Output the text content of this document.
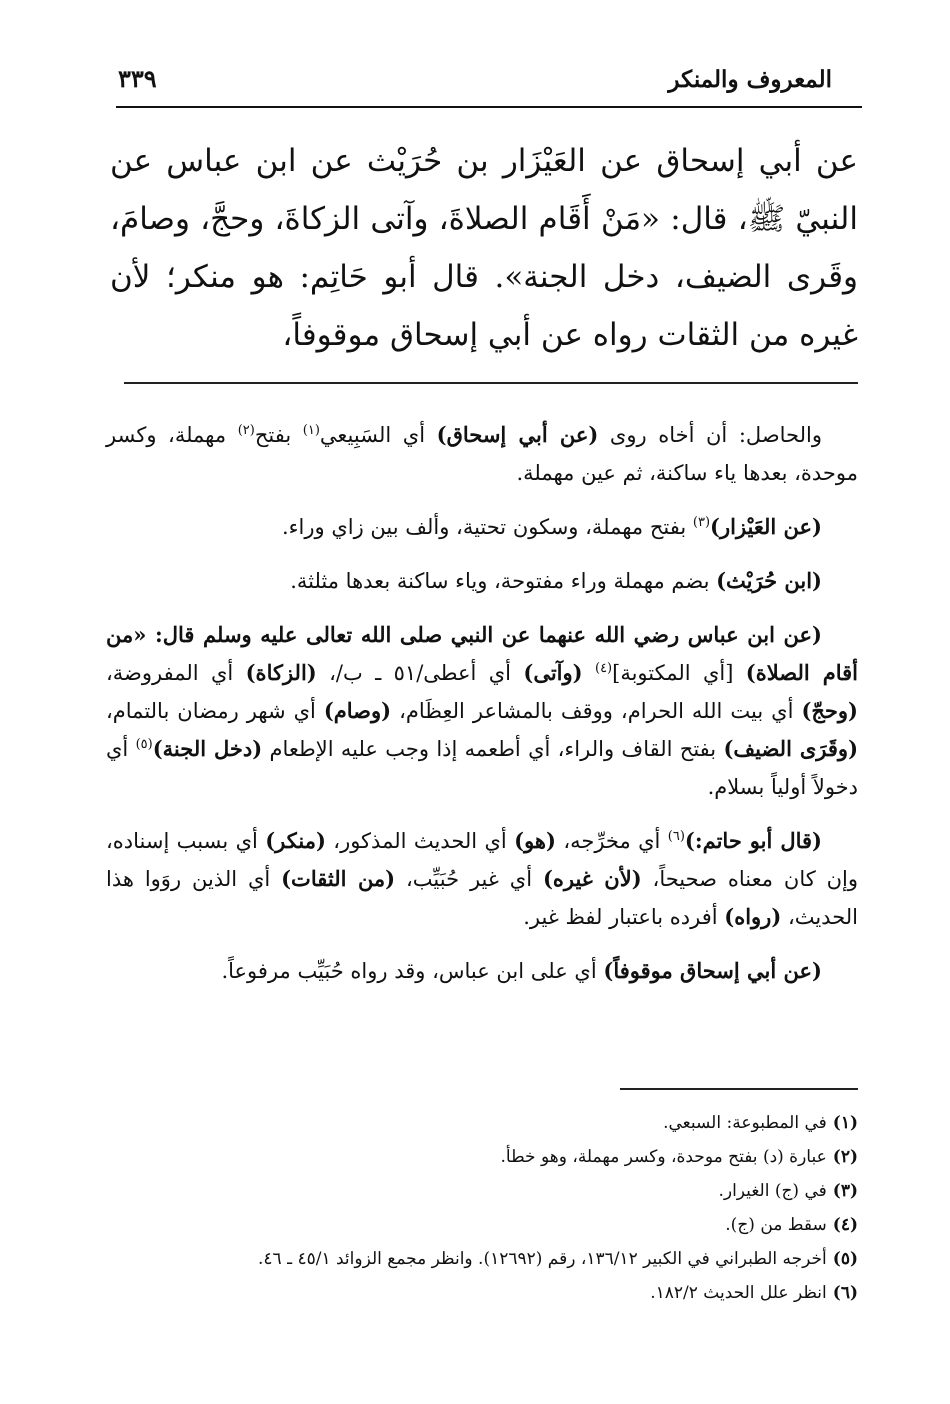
المعروف والمنكر
٣٣٩

عن أبي إسحاق عن العَيْزَار بن حُرَيْث عن ابن عباس عن النبيّ ﷺ، قال: «مَنْ أَقَام الصلاةَ، وآتى الزكاةَ، وحجَّ، وصامَ، وقَرى الضيف، دخل الجنة». قال أبو حَاتِم: هو منكر؛ لأن غيره من الثقات رواه عن أبي إسحاق موقوفاً،

والحاصل: أن أخاه روى (عن أبي إسحاق) أي السَبِيعي$^{(١)}$ بفتح$^{(٢)}$ مهملة، وكسر موحدة، بعدها ياء ساكنة، ثم عين مهملة.

(عن العَيْزار)$^{(٣)}$ بفتح مهملة، وسكون تحتية، وألف بين زاي وراء.

(ابن حُرَيْث) بضم مهملة وراء مفتوحة، وياء ساكنة بعدها مثلثة.

(عن ابن عباس رضي الله عنهما عن النبي صلى الله تعالى عليه وسلم قال: «من أقام الصلاة) [أي المكتوبة]$^{(٤)}$ (وآتى) أي أعطى/٥١ ـ ب/، (الزكاة) أي المفروضة، (وحجّ) أي بيت الله الحرام، ووقف بالمشاعر العِظَام، (وصام) أي شهر رمضان بالتمام، (وقَرَى الضيف) بفتح القاف والراء، أي أطعمه إذا وجب عليه الإطعام (دخل الجنة)$^{(٥)}$ أي دخولاً أولياً بسلام.

(قال أبو حاتم:)$^{(٦)}$ أي مخرِّجه، (هو) أي الحديث المذكور، (منكر) أي بسبب إسناده، وإن كان معناه صحيحاً، (لأن غيره) أي غير حُبَيِّب، (من الثقات) أي الذين روَوا هذا الحديث، (رواه) أفرده باعتبار لفظ غير.

(عن أبي إسحاق موقوفاً) أي على ابن عباس، وقد رواه حُبَيِّب مرفوعاً.

(١)في المطبوعة: السبعي.
(٢)عبارة (د) بفتح موحدة، وكسر مهملة، وهو خطأ.
(٣)في (ج) الغيرار.
(٤)سقط من (ج).
(٥)أخرجه الطبراني في الكبير ١٣٦/١٢، رقم (١٢٦٩٢). وانظر مجمع الزوائد ٤٥/١ ـ ٤٦.
(٦)انظر علل الحديث ١٨٢/٢.
